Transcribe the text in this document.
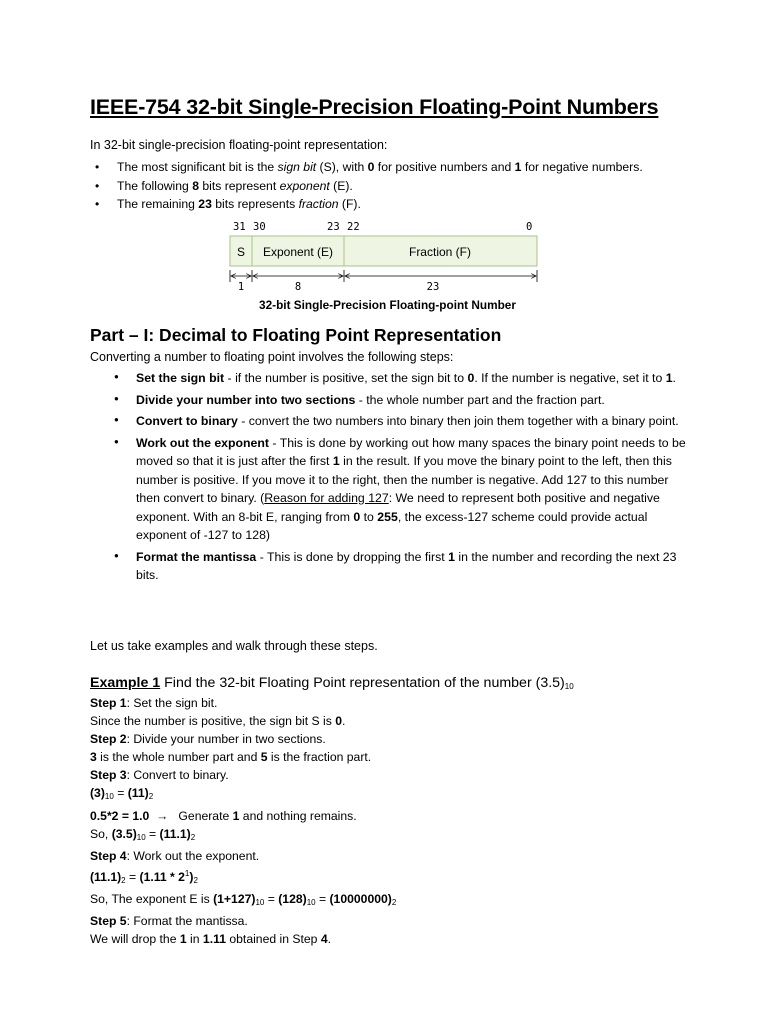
IEEE-754 32-bit Single-Precision Floating-Point Numbers

In 32-bit single-precision floating-point representation:

• The most significant bit is the sign bit (S), with 0 for positive numbers and 1 for negative numbers.
• The following 8 bits represent exponent (E).
• The remaining 23 bits represents fraction (F).
31 30	23 22	0
S Exponent (E)	Fraction (F)
1	8	23
32-bit Single-Precision Floating-point Number
Part – I: Decimal to Floating Point Representation

Converting a number to floating point involves the following steps:

● Set the sign bit - if the number is positive, set the sign bit to 0. If the number is negative, set it to 1.
● Divide your number into two sections - the whole number part and the fraction part.
● Convert to binary - convert the two numbers into binary then join them together with a binary point.
● Work out the exponent - This is done by working out how many spaces the binary point needs to be moved so that it is just after the first 1 in the result. If you move the binary point to the left, then this number is positive. If you move it to the right, then the number is negative. Add 127 to this number then convert to binary. (Reason for adding 127: We need to represent both positive and negative exponent. With an 8-bit E, ranging from 0 to 255, the excess-127 scheme could provide actual exponent of -127 to 128)
● Format the mantissa - This is done by dropping the first 1 in the number and recording the next 23 bits.

Let us take examples and walk through these steps.

Example 1 Find the 32-bit Floating Point representation of the number $(3.5)_{10}$

Step 1: Set the sign bit.
Since the number is positive, the sign bit S is 0.
Step 2: Divide your number in two sections.
3 is the whole number part and 5 is the fraction part.
Step 3: Convert to binary.
$(3)_{10} = (11)_2$
0.5*2 = 1.0  →   Generate 1 and nothing remains.
So, $(3.5)_{10} = (11.1)_2$
Step 4: Work out the exponent.
$(11.1)_2 = (1.11 * 2^1)_2$
So, The exponent E is $(1+127)_{10} = (128)_{10} = (10000000)_2$
Step 5: Format the mantissa.
We will drop the 1 in 1.11 obtained in Step 4.
